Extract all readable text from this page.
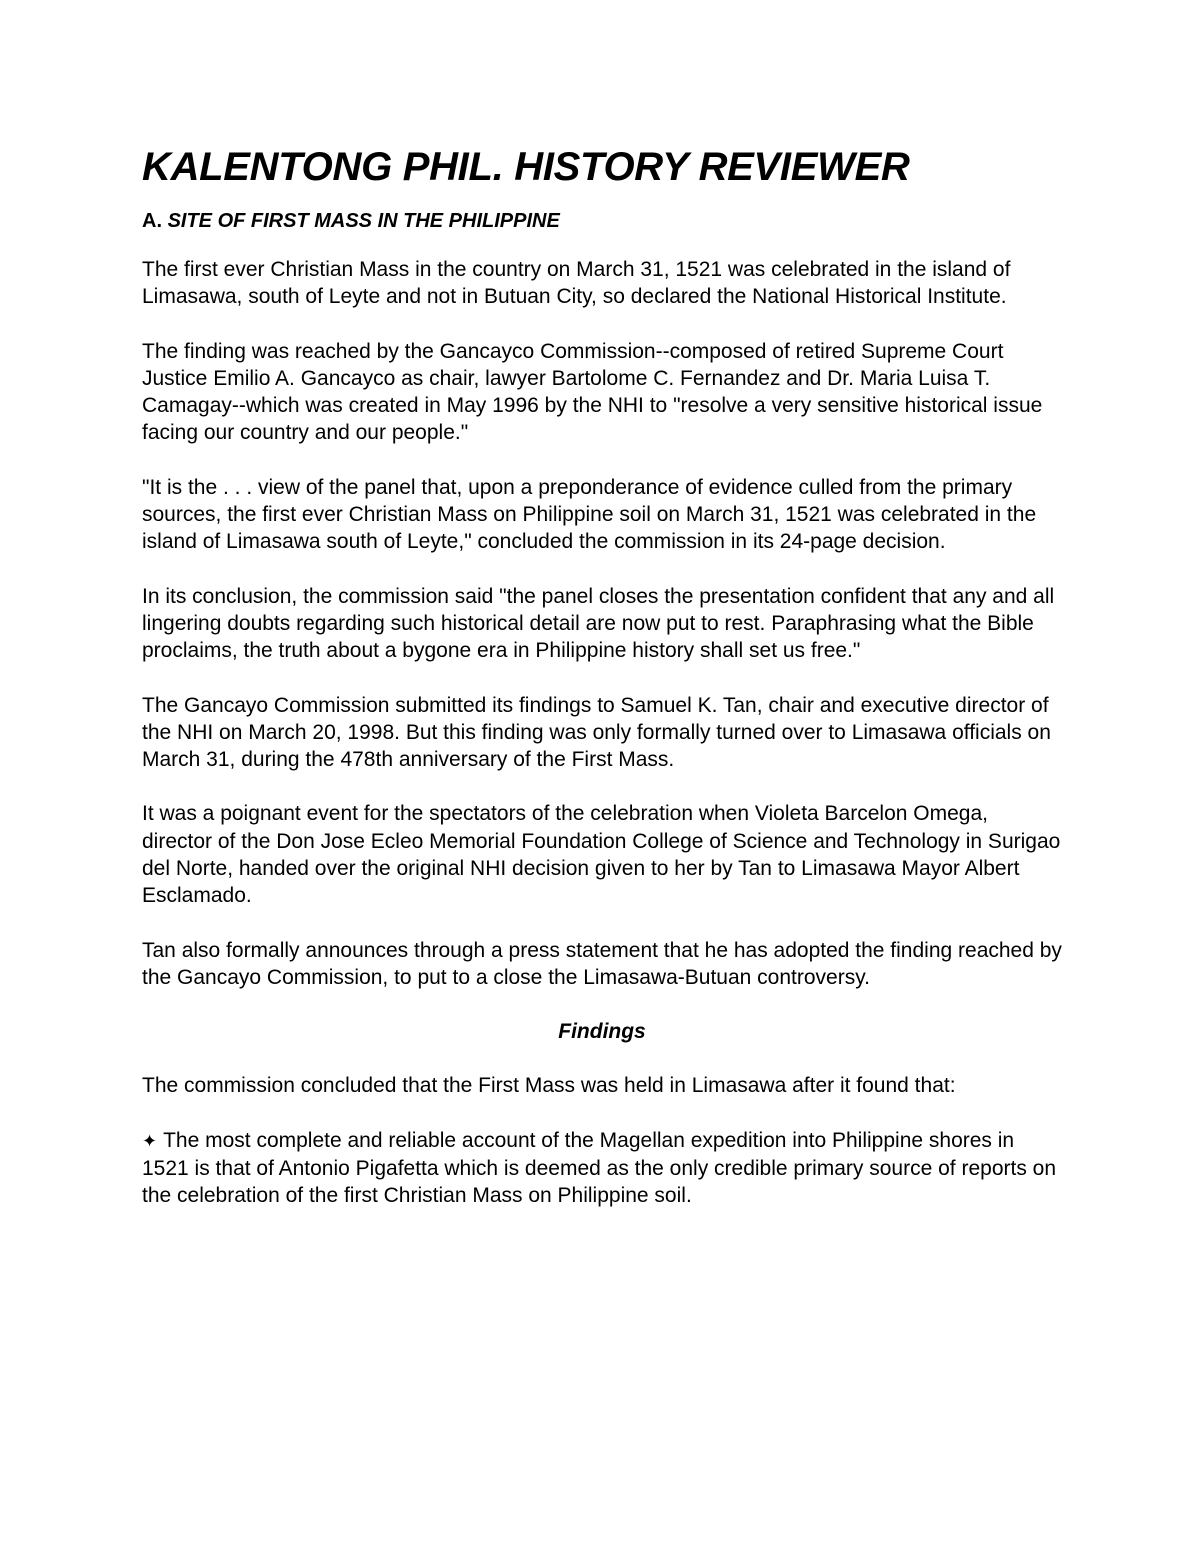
KALENTONG PHIL. HISTORY REVIEWER

A. SITE OF FIRST MASS IN THE PHILIPPINE

The first ever Christian Mass in the country on March 31, 1521 was celebrated in the island of Limasawa, south of Leyte and not in Butuan City, so declared the National Historical Institute.

The finding was reached by the Gancayco Commission--composed of retired Supreme Court Justice Emilio A. Gancayco as chair, lawyer Bartolome C. Fernandez and Dr. Maria Luisa T. Camagay--which was created in May 1996 by the NHI to "resolve a very sensitive historical issue facing our country and our people."

"It is the . . . view of the panel that, upon a preponderance of evidence culled from the primary sources, the first ever Christian Mass on Philippine soil on March 31, 1521 was celebrated in the island of Limasawa south of Leyte," concluded the commission in its 24-page decision.

In its conclusion, the commission said "the panel closes the presentation confident that any and all lingering doubts regarding such historical detail are now put to rest. Paraphrasing what the Bible proclaims, the truth about a bygone era in Philippine history shall set us free."

The Gancayo Commission submitted its findings to Samuel K. Tan, chair and executive director of the NHI on March 20, 1998. But this finding was only formally turned over to Limasawa officials on March 31, during the 478th anniversary of the First Mass.

It was a poignant event for the spectators of the celebration when Violeta Barcelon Omega, director of the Don Jose Ecleo Memorial Foundation College of Science and Technology in Surigao del Norte, handed over the original NHI decision given to her by Tan to Limasawa Mayor Albert Esclamado.

Tan also formally announces through a press statement that he has adopted the finding reached by the Gancayo Commission, to put to a close the Limasawa-Butuan controversy.

Findings

The commission concluded that the First Mass was held in Limasawa after it found that:

✦ The most complete and reliable account of the Magellan expedition into Philippine shores in 1521 is that of Antonio Pigafetta which is deemed as the only credible primary source of reports on the celebration of the first Christian Mass on Philippine soil.
